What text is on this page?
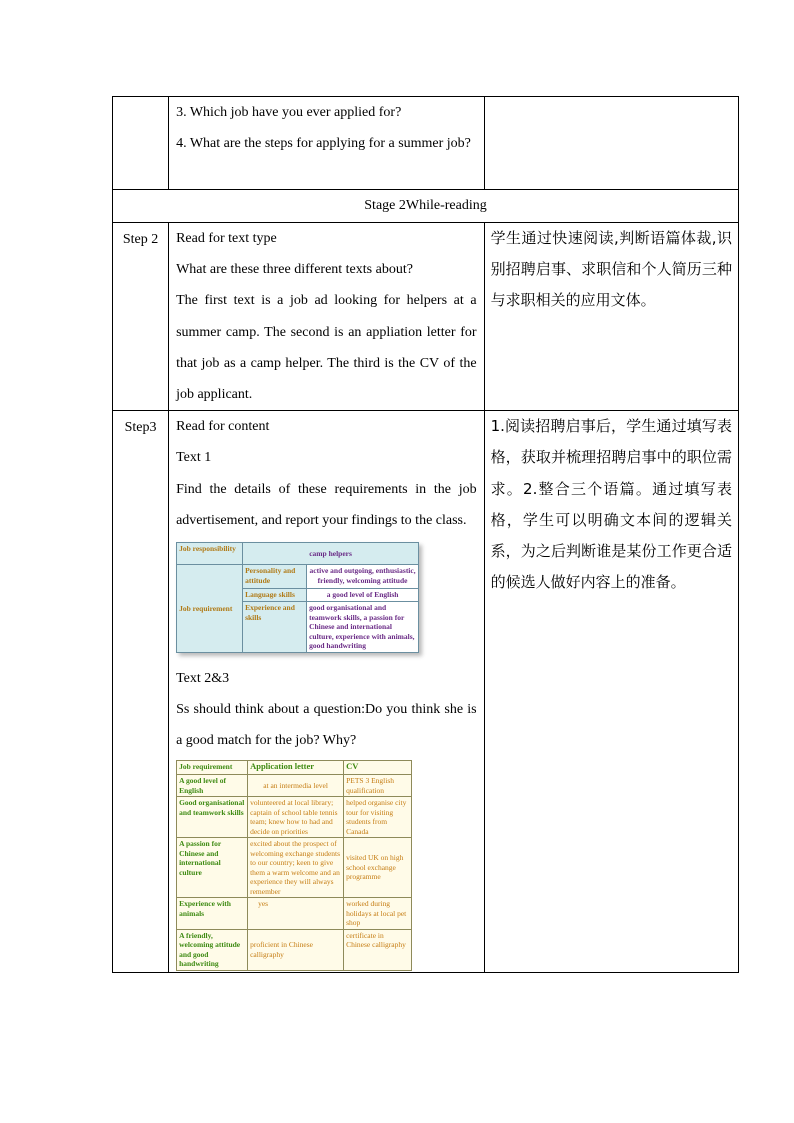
3. Which job have you ever applied for?
4. What are the steps for applying for a summer job?

Stage 2While-reading
Step 2	Read for text type
What are these three different texts about?
The first text is a job ad looking for helpers at a summer camp. The second is an appliation letter for that job as a camp helper. The third is the CV of the job applicant.

学生通过快速阅读,判断语篇体裁,识别招聘启事、求职信和个人简历三种与求职相关的应用文体。

Step3	Read for content
Text 1
Find the details of these requirements in the job advertisement, and report your findings to the class.
Job responsibility	camp helpers
Job requirement	Personality and attitude	active and outgoing, enthusiastic, friendly, welcoming attitude
Language skills	a good level of English
Experience and skills	good organisational and teamwork skills, a passion for Chinese and international culture, experience with animals, good handwriting
Text 2&3
Ss should think about a question:Do you think she is a good match for the job? Why?
Job requirement	Application letter	CV
A good level of English	at an intermedia level	PETS 3 English qualification
Good organisational and teamwork skills	volunteered at local library; captain of school table tennis team; knew how to had and decide on priorities	helped organise city tour for visiting students from Canada
A passion for Chinese and international culture	excited about the prospect of welcoming exchange students to our country; keen to give them a warm welcome and an experience they will always remember	visited UK on high school exchange programme
Experience with animals	yes	worked during holidays at local pet shop
A friendly, welcoming attitude and good handwriting	proficient in Chinese calligraphy	certificate in Chinese calligraphy

1.阅读招聘启事后，学生通过填写表格，获取并梳理招聘启事中的职位需求。2.整合三个语篇。通过填写表格，学生可以明确文本间的逻辑关系，为之后判断谁是某份工作更合适的候选人做好内容上的准备。
